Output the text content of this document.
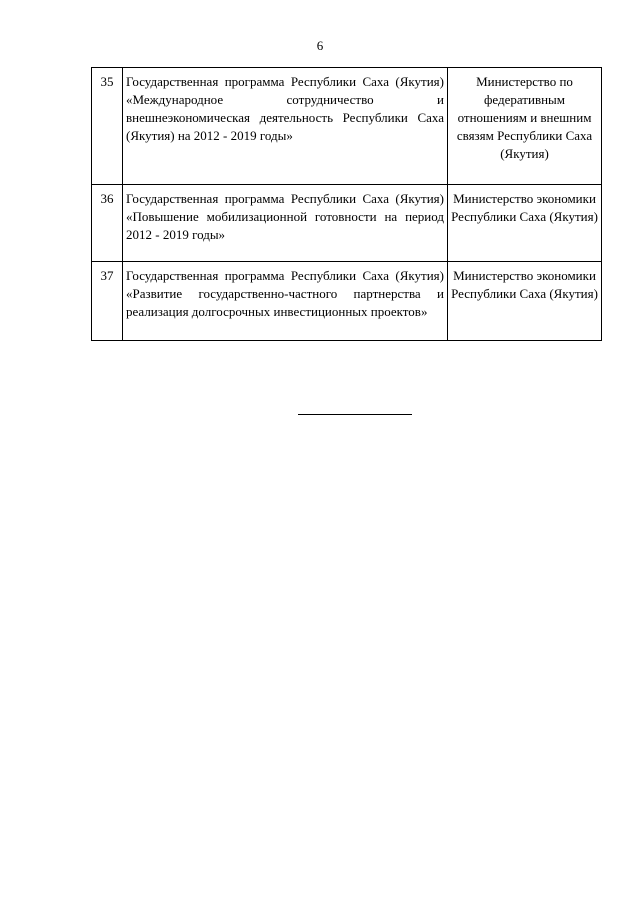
6
35	Государственная программа Республики Саха (Якутия) «Международное сотрудничество и внешнеэкономическая деятельность Республики Саха (Якутия) на 2012 - 2019 годы»	Министерство по федеративным отношениям и внешним связям Республики Саха (Якутия)
36	Государственная программа Республики Саха (Якутия) «Повышение мобилизационной готовности на период 2012 - 2019 годы»	Министерство экономики Республики Саха (Якутия)
37	Государственная программа Республики Саха (Якутия) «Развитие государственно-частного партнерства и реализация долгосрочных инвестиционных проектов»	Министерство экономики Республики Саха (Якутия)
